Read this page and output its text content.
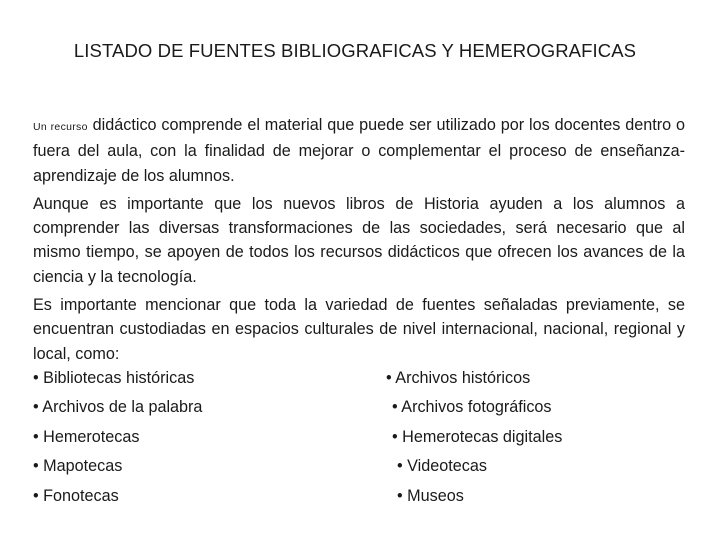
LISTADO DE FUENTES BIBLIOGRAFICAS Y HEMEROGRAFICAS

Un recurso didáctico comprende el material que puede ser utilizado por los docentes dentro o fuera del aula, con la finalidad de mejorar o complementar el proceso de enseñanza-aprendizaje de los alumnos.

Aunque es importante que los nuevos libros de Historia ayuden a los alumnos a comprender las diversas transformaciones de las sociedades, será necesario que al mismo tiempo, se apoyen de todos los recursos didácticos que ofrecen los avances de la ciencia y la tecnología.

Es importante mencionar que toda la variedad de fuentes señaladas previamente, se encuentran custodiadas en espacios culturales de nivel internacional, nacional, regional y local, como:

• Bibliotecas históricas	• Archivos históricos
• Archivos de la palabra	• Archivos fotográficos
• Hemerotecas	• Hemerotecas digitales
• Mapotecas	• Videotecas
• Fonotecas	• Museos
